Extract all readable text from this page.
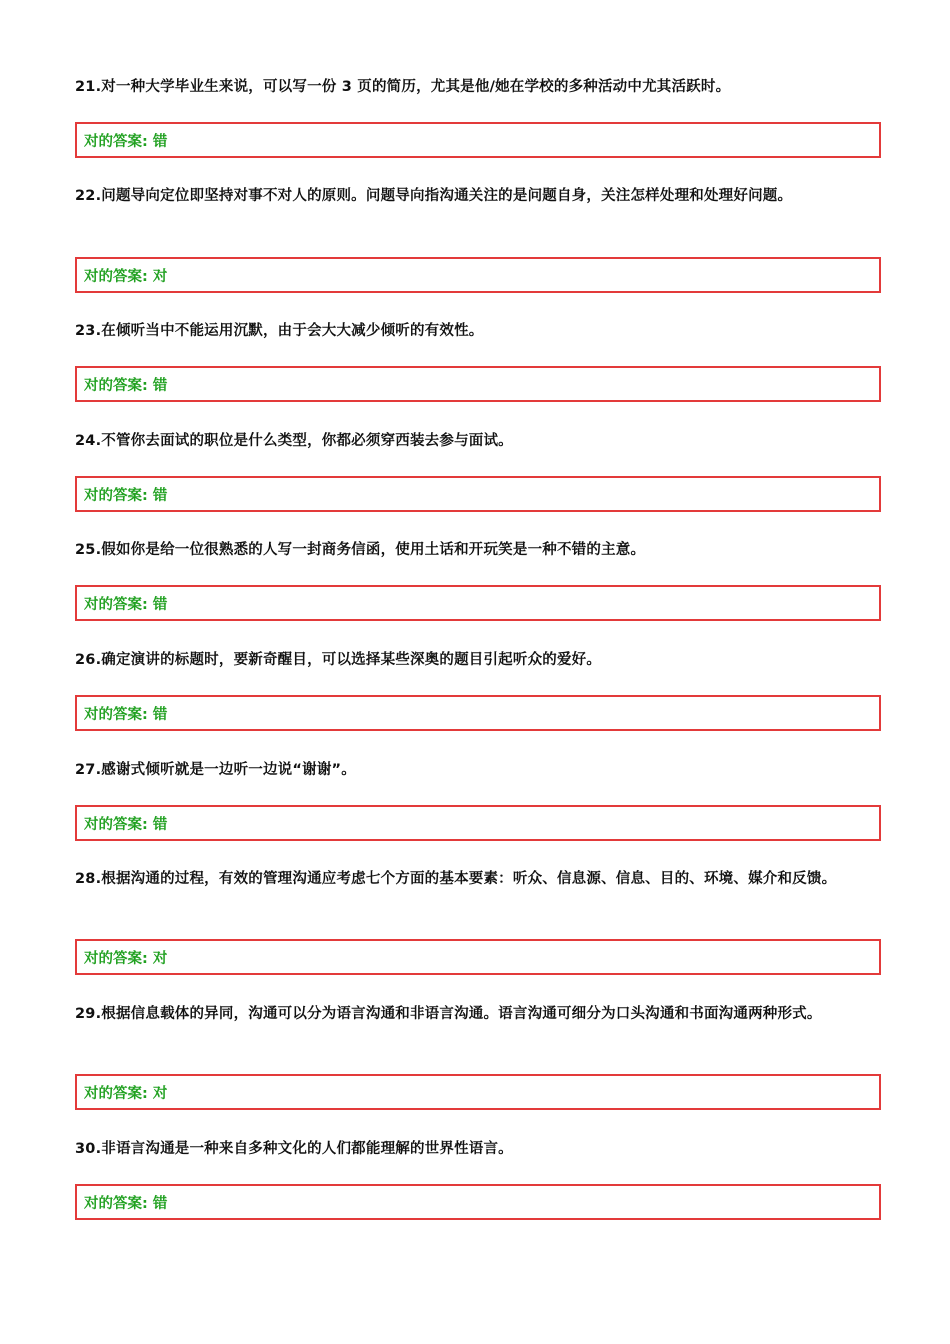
21.对一种大学毕业生来说，可以写一份 3 页的简历，尤其是他/她在学校的多种活动中尤其活跃时。

对的答案: 错

22.问题导向定位即坚持对事不对人的原则。问题导向指沟通关注的是问题自身，关注怎样处理和处理好问题。

对的答案: 对

23.在倾听当中不能运用沉默，由于会大大减少倾听的有效性。

对的答案: 错

24.不管你去面试的职位是什么类型，你都必须穿西装去参与面试。

对的答案: 错

25.假如你是给一位很熟悉的人写一封商务信函，使用土话和开玩笑是一种不错的主意。

对的答案: 错

26.确定演讲的标题时，要新奇醒目，可以选择某些深奥的题目引起听众的爱好。

对的答案: 错

27.感谢式倾听就是一边听一边说“谢谢”。

对的答案: 错

28.根据沟通的过程，有效的管理沟通应考虑七个方面的基本要素：听众、信息源、信息、目的、环境、媒介和反馈。

对的答案: 对

29.根据信息载体的异同，沟通可以分为语言沟通和非语言沟通。语言沟通可细分为口头沟通和书面沟通两种形式。

对的答案: 对

30.非语言沟通是一种来自多种文化的人们都能理解的世界性语言。

对的答案: 错
